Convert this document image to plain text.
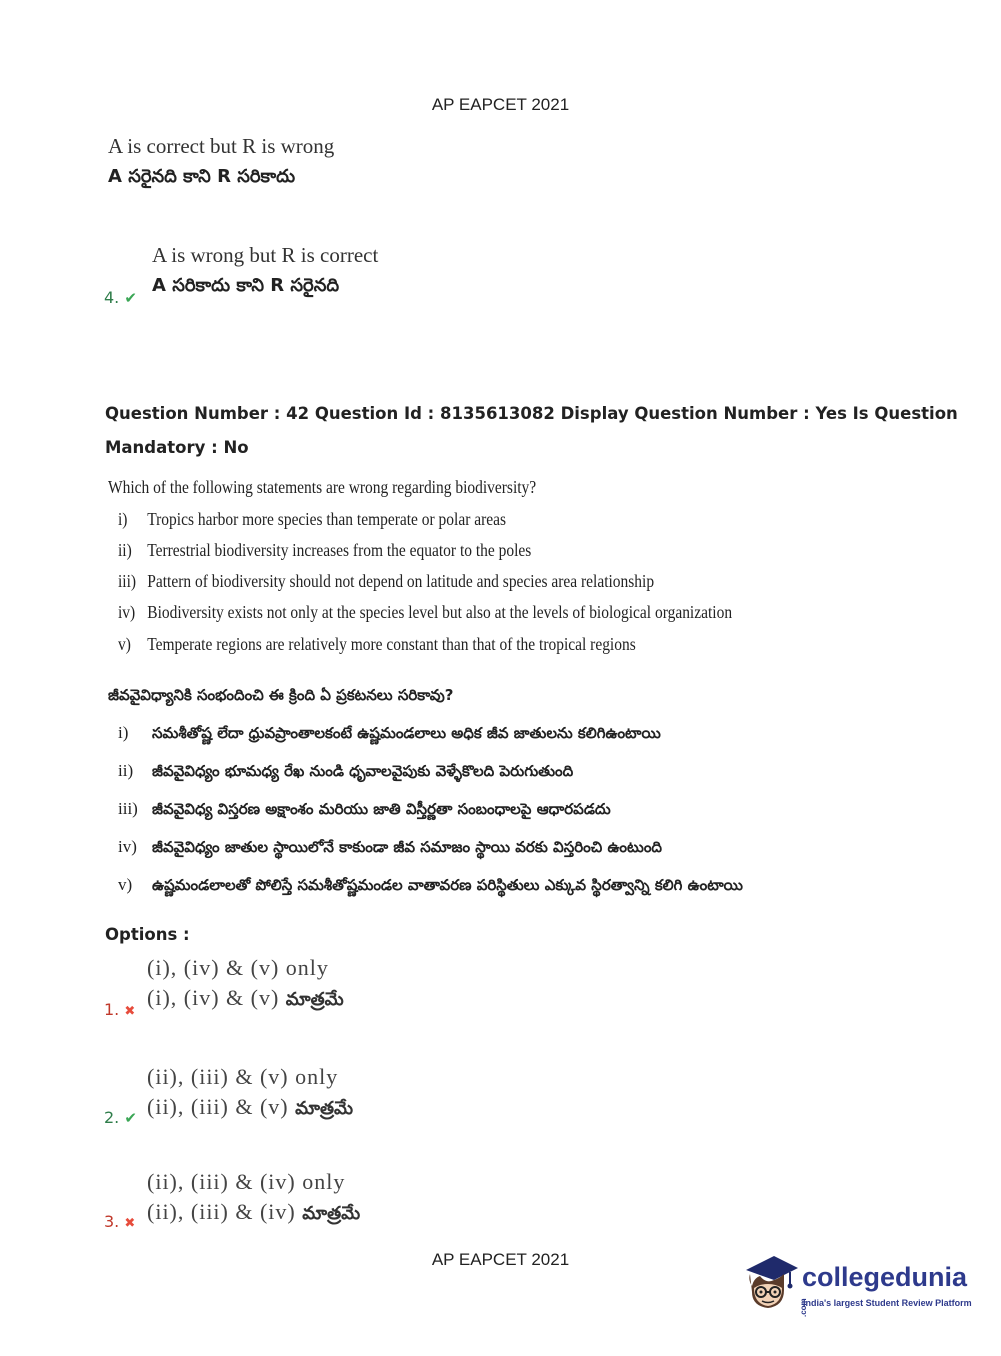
AP EAPCET 2021
A is correct but R is wrong
A సరైనది కాని R సరికాదు
A is wrong but R is correct
A సరికాదు కాని R సరైనది
4. ✔
Question Number : 42 Question Id : 8135613082 Display Question Number : Yes Is Question
Mandatory : No
Which of the following statements are wrong regarding biodiversity?
i) Tropics harbor more species than temperate or polar areas
ii) Terrestrial biodiversity increases from the equator to the poles
iii) Pattern of biodiversity should not depend on latitude and species area relationship
iv) Biodiversity exists not only at the species level but also at the levels of biological organization
v) Temperate regions are relatively more constant than that of the tropical regions
జీవవైవిధ్యానికి సంభందించి ఈ క్రింది ఏ ప్రకటనలు సరికావు?
i) సమశీతోష్ణ లేదా ధ్రువప్రాంతాలకంటే ఉష్ణమండలాలు అధిక జీవ జాతులను కలిగిఉంటాయి
ii) జీవవైవిధ్యం భూమధ్య రేఖ నుండి ధృవాలవైపుకు వెళ్ళేకొలది పెరుగుతుంది
iii) జీవవైవిధ్య విస్తరణ అక్షాంశం మరియు జాతి విస్తీర్ణతా సంబంధాలపై ఆధారపడదు
iv) జీవవైవిధ్యం జాతుల స్థాయిలోనే కాకుండా జీవ సమాజం స్థాయి వరకు విస్తరించి ఉంటుంది
v) ఉష్ణమండలాలతో పోలిస్తే సమశీతోష్ణమండల వాతావరణ పరిస్థితులు ఎక్కువ స్థిరత్వాన్ని కలిగి ఉంటాయి
Options :
(i), (iv) & (v) only
(i), (iv) & (v) మాత్రమే
1. ✖
(ii), (iii) & (v) only
(ii), (iii) & (v) మాత్రమే
2. ✔
(ii), (iii) & (iv) only
(ii), (iii) & (iv) మాత్రమే
3. ✖
AP EAPCET 2021
collegedunia.com
India's largest Student Review Platform
